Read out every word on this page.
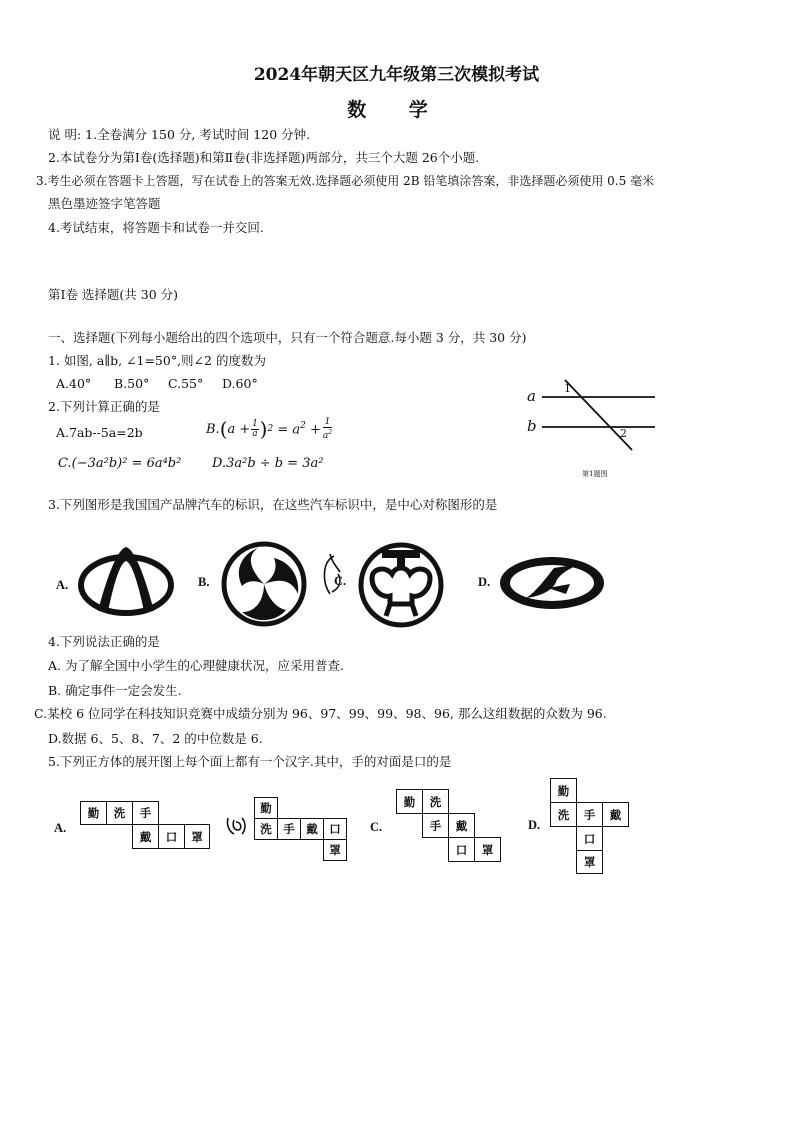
2024年朝天区九年级第三次模拟考试
数 学
说 明: 1.全卷满分 150 分, 考试时间 120 分钟.
2.本试卷分为第Ⅰ卷(选择题)和第Ⅱ卷(非选择题)两部分，共三个大题 26个小题.
3.考生必须在答题卡上答题，写在试卷上的答案无效.选择题必须使用 2B 铅笔填涂答案，非选择题必须使用 0.5 毫米
黑色墨迹签字笔答题
4.考试结束，将答题卡和试卷一并交回.
第Ⅰ卷 选择题(共 30 分)
一、选择题(下列每小题给出的四个选项中，只有一个符合题意.每小题 3 分，共 30 分)
1. 如图, a∥b, ∠1=50°,则∠2 的度数为
A.40° B.50° C.55° D.60°
a
b
1
2
第1题图
2.下列计算正确的是
A.7ab--5a=2b	B. ( $a + \frac{1}{a}$ ) $2 = a^2 + \frac{1}{a^2}$
C.(−3a²b)² = 6a⁴b² D.3a²b ÷ b = 3a²
3.下列图形是我国国产品牌汽车的标识，在这些汽车标识中，是中心对称图形的是
A.	B.	C.	D.
4.下列说法正确的是
A. 为了解全国中小学生的心理健康状况，应采用普查.
B. 确定事件一定会发生.
C.某校 6 位同学在科技知识竞赛中成绩分别为 96、97、99、99、98、96, 那么这组数据的众数为 96.
D.数据 6、5、8、7、2 的中位数是 6.
5.下列正方体的展开图上每个面上都有一个汉字.其中，手的对面是口的是
A.
勤	洗	手
戴	口	罩
勤
洗	手	戴	口
罩
C.
勤	洗
手	戴
口	罩
D.
勤
洗	手	戴
口
罩
